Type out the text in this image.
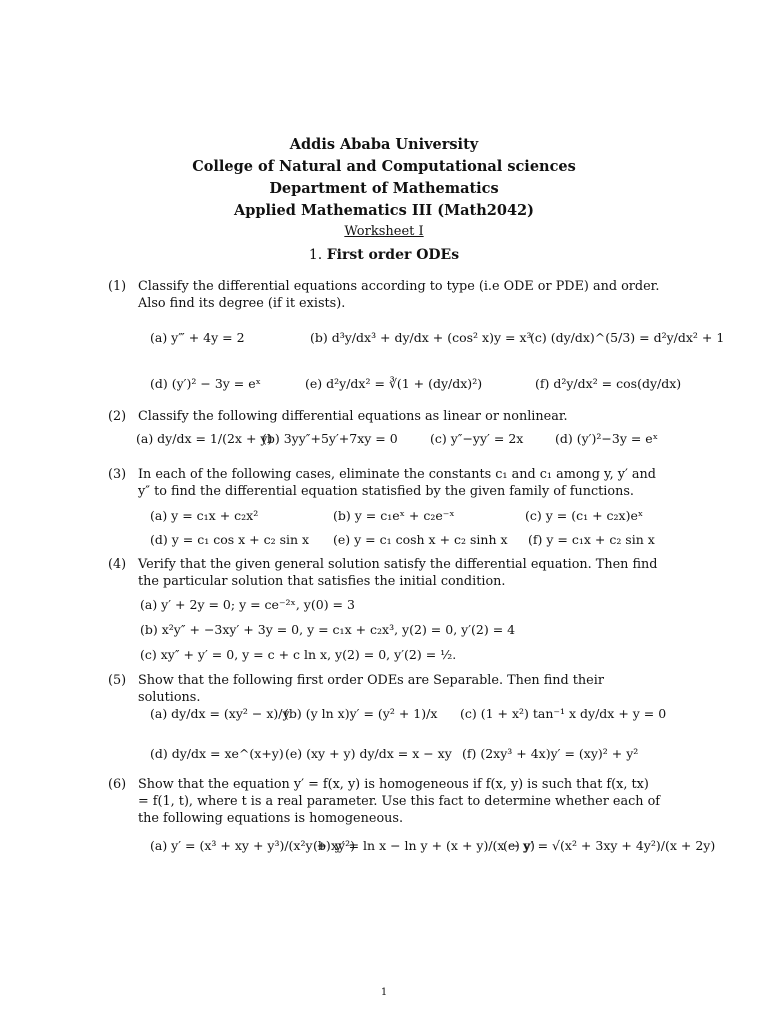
Addis Ababa University
College of Natural and Computational sciences
Department of Mathematics
Applied Mathematics III (Math2042)
Worksheet I
1. First order ODEs
(1) Classify the differential equations according to type (i.e ODE or PDE) and order. Also find its degree (if it exists).
(a) y‴ + 4y = 2	(b) d³y/dx³ + dy/dx + (cos² x)y = x³
(c) (dy/dx)^(5/3) = d²y/dx² + 1
(d) (y′)² − 3y = eˣ	(e) d²y/dx² = ∛(1 + (dy/dx)²)	(f) d²y/dx² = cos(dy/dx)
(2) Classify the following differential equations as linear or nonlinear.
(a) dy/dx = 1/(2x + y)
(b) 3yy″+5y′+7xy = 0	(c) y″−yy′ = 2x	(d) (y′)²−3y = eˣ
(3) In each of the following cases, eliminate the constants c₁ and c₁ among y, y′ and y″ to find the differential equation statisfied by the given family of functions.
(a) y = c₁x + c₂x²	(b) y = c₁eˣ + c₂e⁻ˣ	(c) y = (c₁ + c₂x)eˣ
(d) y = c₁ cos x + c₂ sin x (e) y = c₁ cosh x + c₂ sinh x (f) y = c₁x + c₂ sin x
(4) Verify that the given general solution satisfy the differential equation. Then find the particular solution that satisfies the initial condition.
(a) y′ + 2y = 0; y = ce⁻²ˣ, y(0) = 3
(b) x²y″ + −3xy′ + 3y = 0, y = c₁x + c₂x³, y(2) = 0, y′(2) = 4
(c) xy″ + y′ = 0, y = c + c ln x, y(2) = 0, y′(2) = ½.
(5) Show that the following first order ODEs are Separable. Then find their solutions.
(a) dy/dx = (xy² − x)/y
(b) (y ln x)y′ = (y² + 1)/x (c) (1 + x²) tan⁻¹ x dy/dx + y = 0
(d) dy/dx = xe^(x+y) (e) (xy + y) dy/dx = x − xy (f) (2xy³ + 4x)y′ = (xy)² + y²
(6) Show that the equation y′ = f(x, y) is homogeneous if f(x, y) is such that f(x, tx) = f(1, t), where t is a real parameter. Use this fact to determine whether each of the following equations is homogeneous.
(a) y′ = (x³ + xy + y³)/(x²y + xy²)
(b) y′ = ln x − ln y + (x + y)/(x − y)
(c) y′ = √(x² + 3xy + 4y²)/(x + 2y)
1
